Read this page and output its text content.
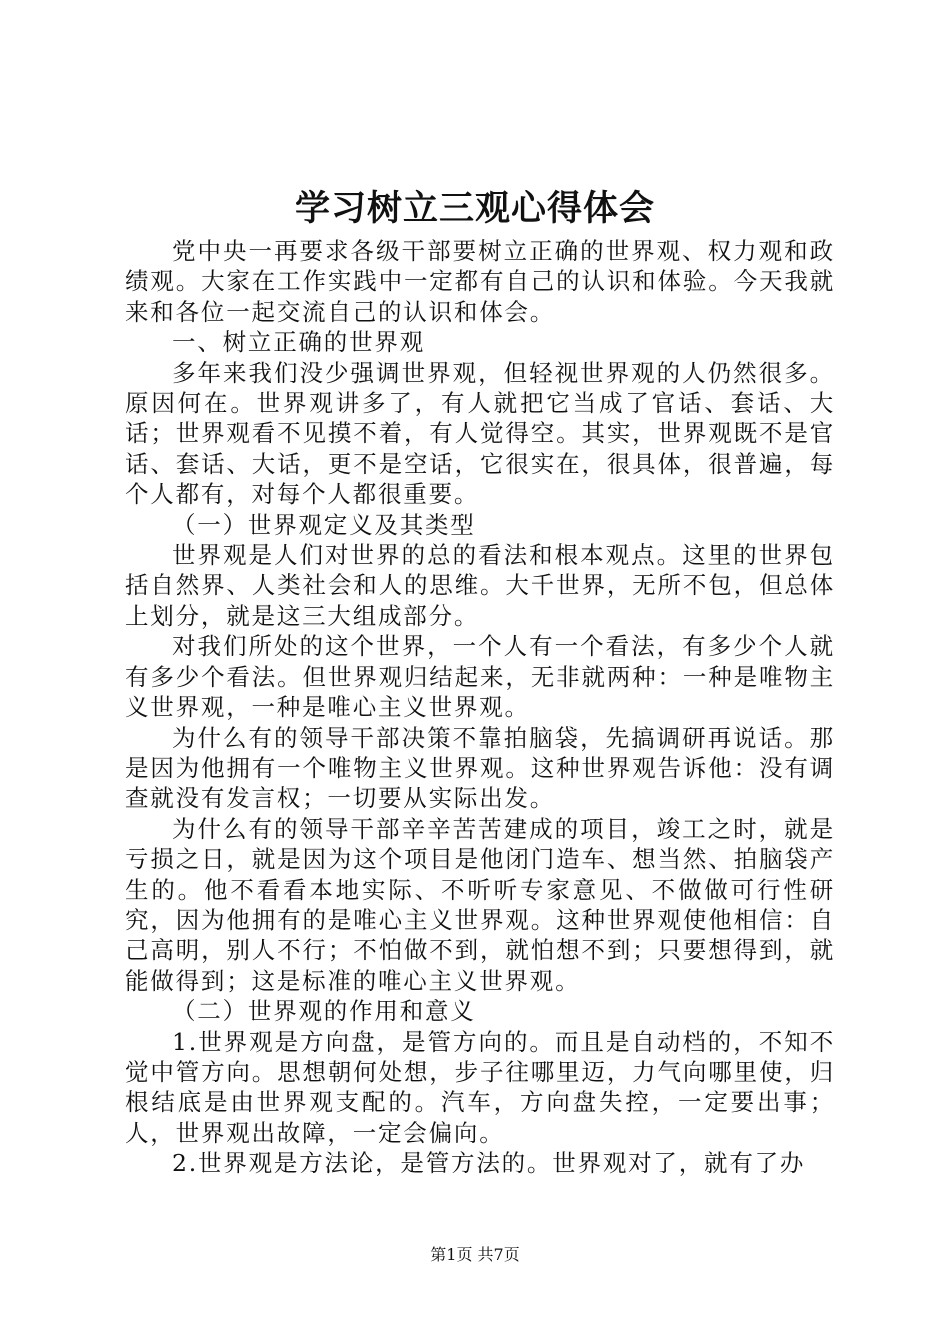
学习树立三观心得体会

党中央一再要求各级干部要树立正确的世界观、权力观和政绩观。大家在工作实践中一定都有自己的认识和体验。今天我就来和各位一起交流自己的认识和体会。

一、树立正确的世界观

多年来我们没少强调世界观，但轻视世界观的人仍然很多。原因何在。世界观讲多了，有人就把它当成了官话、套话、大话；世界观看不见摸不着，有人觉得空。其实，世界观既不是官话、套话、大话，更不是空话，它很实在，很具体，很普遍，每个人都有，对每个人都很重要。

（一）世界观定义及其类型

世界观是人们对世界的总的看法和根本观点。这里的世界包括自然界、人类社会和人的思维。大千世界，无所不包，但总体上划分，就是这三大组成部分。

对我们所处的这个世界，一个人有一个看法，有多少个人就有多少个看法。但世界观归结起来，无非就两种：一种是唯物主义世界观，一种是唯心主义世界观。

为什么有的领导干部决策不靠拍脑袋，先搞调研再说话。那是因为他拥有一个唯物主义世界观。这种世界观告诉他：没有调查就没有发言权；一切要从实际出发。

为什么有的领导干部辛辛苦苦建成的项目，竣工之时，就是亏损之日，就是因为这个项目是他闭门造车、想当然、拍脑袋产生的。他不看看本地实际、不听听专家意见、不做做可行性研究，因为他拥有的是唯心主义世界观。这种世界观使他相信：自己高明，别人不行；不怕做不到，就怕想不到；只要想得到，就能做得到；这是标准的唯心主义世界观。

（二）世界观的作用和意义

1.世界观是方向盘，是管方向的。而且是自动档的，不知不觉中管方向。思想朝何处想，步子往哪里迈，力气向哪里使，归根结底是由世界观支配的。汽车，方向盘失控，一定要出事；人，世界观出故障，一定会偏向。

2.世界观是方法论，是管方法的。世界观对了，就有了办

第1页 共7页
